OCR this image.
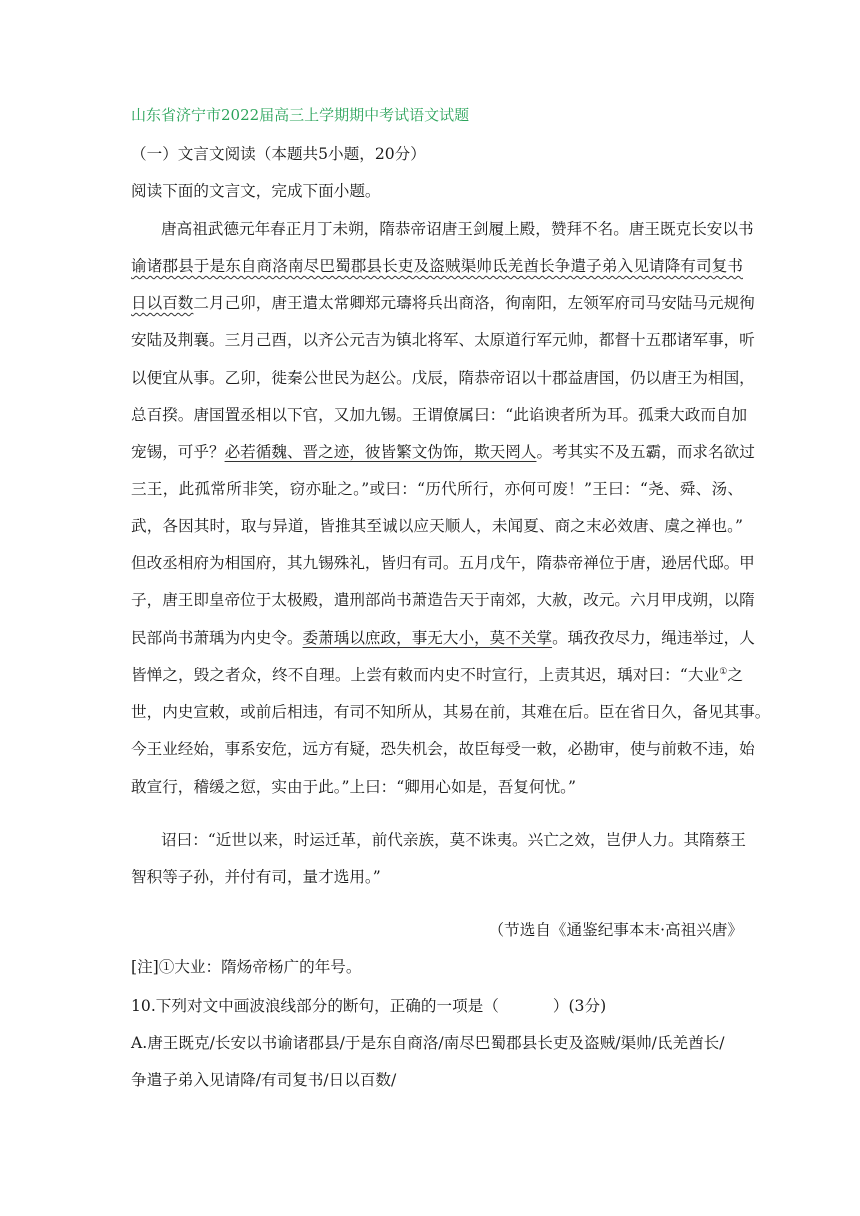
山东省济宁市2022届高三上学期期中考试语文试题
（一）文言文阅读（本题共5小题，20分）
阅读下面的文言文，完成下面小题。
唐高祖武德元年春正月丁未朔，隋恭帝诏唐王剑履上殿，赞拜不名。唐王既克长安以书
谕诸郡县于是东自商洛南尽巴蜀郡县长吏及盗贼渠帅氐羌酋长争遣子弟入见请降有司复书
日以百数二月己卯，唐王遣太常卿郑元璹将兵出商洛，徇南阳，左领军府司马安陆马元规徇
安陆及荆襄。三月己酉，以齐公元吉为镇北将军、太原道行军元帅，都督十五郡诸军事，听
以便宜从事。乙卯，徙秦公世民为赵公。戊辰，隋恭帝诏以十郡益唐国，仍以唐王为相国，
总百揆。唐国置丞相以下官，又加九锡。王谓僚属曰：“此谄谀者所为耳。孤秉大政而自加
宠锡，可乎？必若循魏、晋之迹，彼皆繁文伪饰，欺天罔人。考其实不及五霸，而求名欲过
三王，此孤常所非笑，窃亦耻之。”或曰：“历代所行，亦何可废！”王曰：“尧、舜、汤、
武，各因其时，取与异道，皆推其至诚以应天顺人，未闻夏、商之末必效唐、虞之禅也。”
但改丞相府为相国府，其九锡殊礼，皆归有司。五月戊午，隋恭帝禅位于唐，逊居代邸。甲
子，唐王即皇帝位于太极殿，遣刑部尚书萧造告天于南郊，大赦，改元。六月甲戌朔，以隋
民部尚书萧瑀为内史令。委萧瑀以庶政，事无大小，莫不关掌。瑀孜孜尽力，绳违举过，人
皆惮之，毁之者众，终不自理。上尝有敕而内史不时宣行，上责其迟，瑀对曰：“大业①之
世，内史宣敕，或前后相违，有司不知所从，其易在前，其难在后。臣在省日久，备见其事。
今王业经始，事系安危，远方有疑，恐失机会，故臣每受一敕，必勘审，使与前敕不违，始
敢宣行，稽缓之愆，实由于此。”上曰：“卿用心如是，吾复何忧。”
诏曰：“近世以来，时运迁革，前代亲族，莫不诛夷。兴亡之效，岂伊人力。其隋蔡王
智积等子孙，并付有司，量才选用。”
（节选自《通鉴纪事本末·高祖兴唐》
[注]①大业：隋炀帝杨广的年号。
10.下列对文中画波浪线部分的断句，正确的一项是（	）(3分)
A.唐王既克/长安以书谕诸郡县/于是东自商洛/南尽巴蜀郡县长吏及盗贼/渠帅/氐羌酋长/
争遣子弟入见请降/有司复书/日以百数/
